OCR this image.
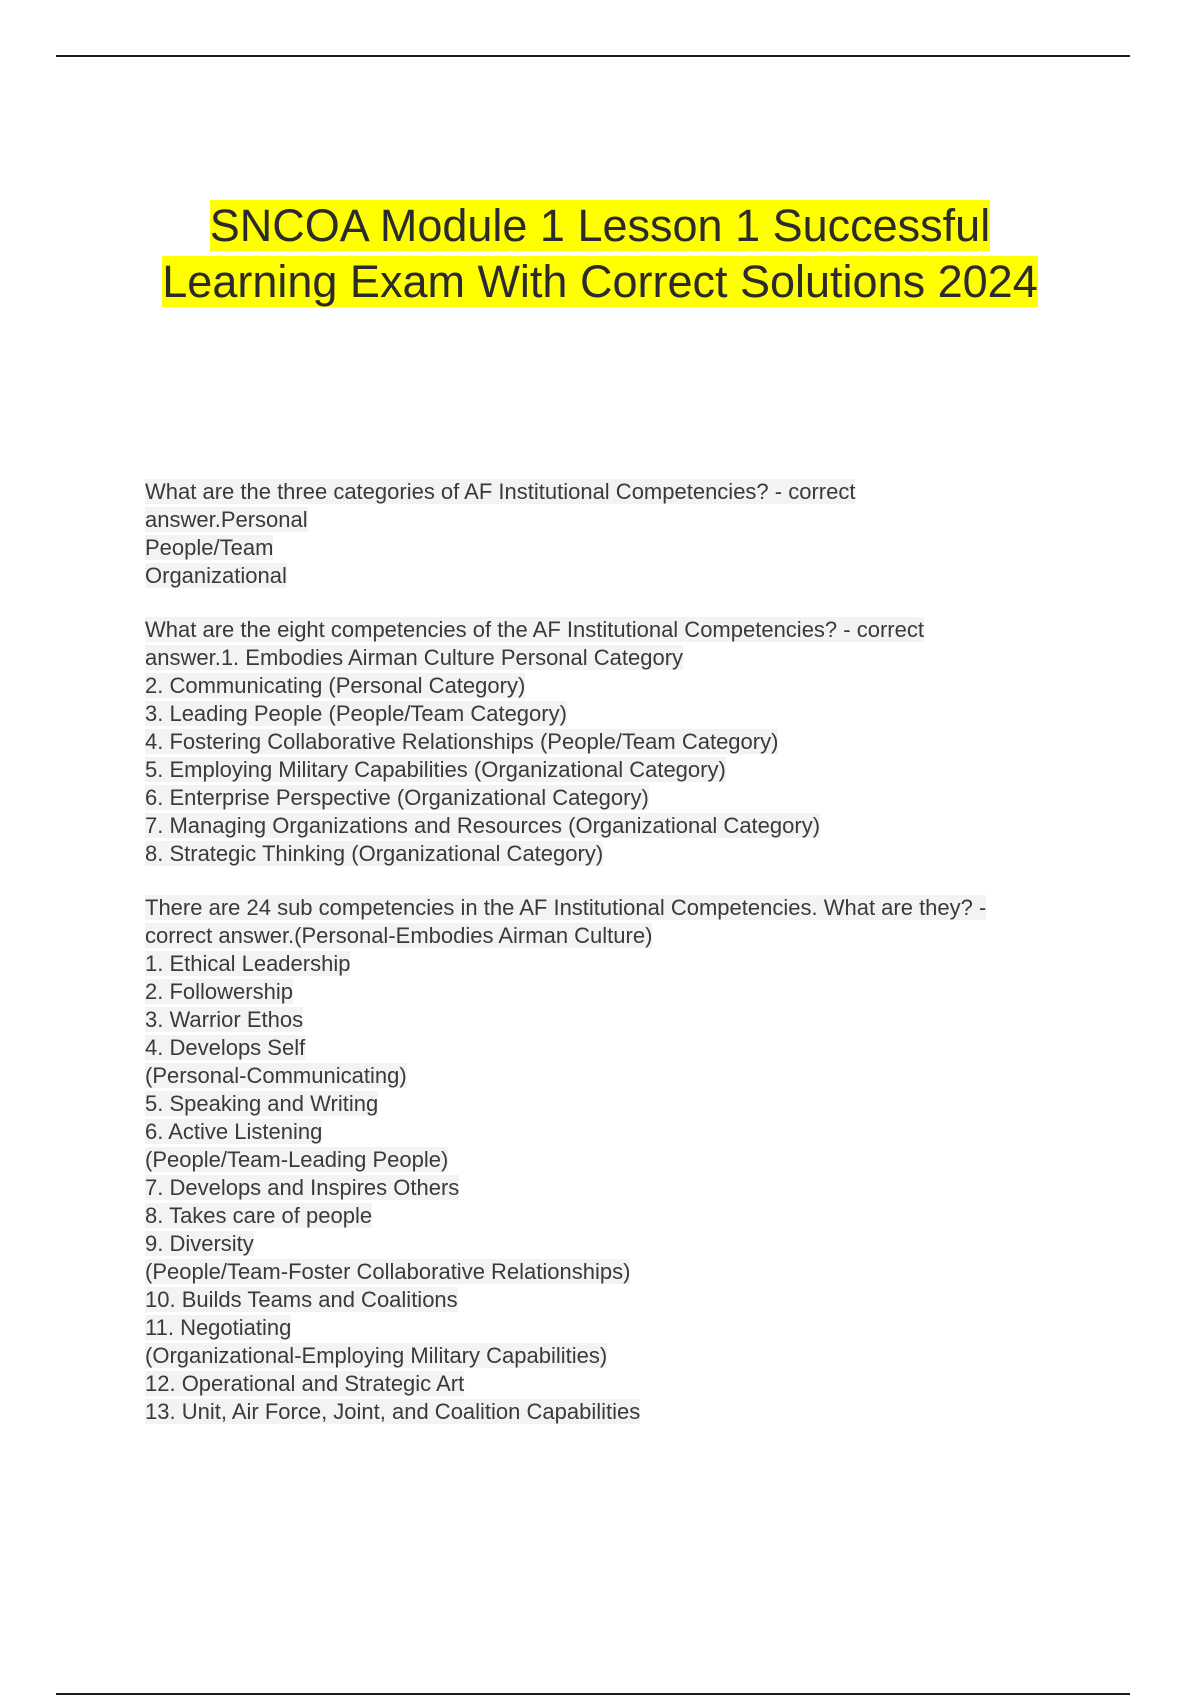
SNCOA Module 1 Lesson 1 Successful
Learning Exam With Correct Solutions 2024
What are the three categories of AF Institutional Competencies? - correct
answer.Personal
People/Team
Organizational
What are the eight competencies of the AF Institutional Competencies? - correct
answer.1. Embodies Airman Culture Personal Category
2. Communicating (Personal Category)
3. Leading People (People/Team Category)
4. Fostering Collaborative Relationships (People/Team Category)
5. Employing Military Capabilities (Organizational Category)
6. Enterprise Perspective (Organizational Category)
7. Managing Organizations and Resources (Organizational Category)
8. Strategic Thinking (Organizational Category)
There are 24 sub competencies in the AF Institutional Competencies. What are they? -
correct answer.(Personal-Embodies Airman Culture)
1. Ethical Leadership
2. Followership
3. Warrior Ethos
4. Develops Self
(Personal-Communicating)
5. Speaking and Writing
6. Active Listening
(People/Team-Leading People)
7. Develops and Inspires Others
8. Takes care of people
9. Diversity
(People/Team-Foster Collaborative Relationships)
10. Builds Teams and Coalitions
11. Negotiating
(Organizational-Employing Military Capabilities)
12. Operational and Strategic Art
13. Unit, Air Force, Joint, and Coalition Capabilities
